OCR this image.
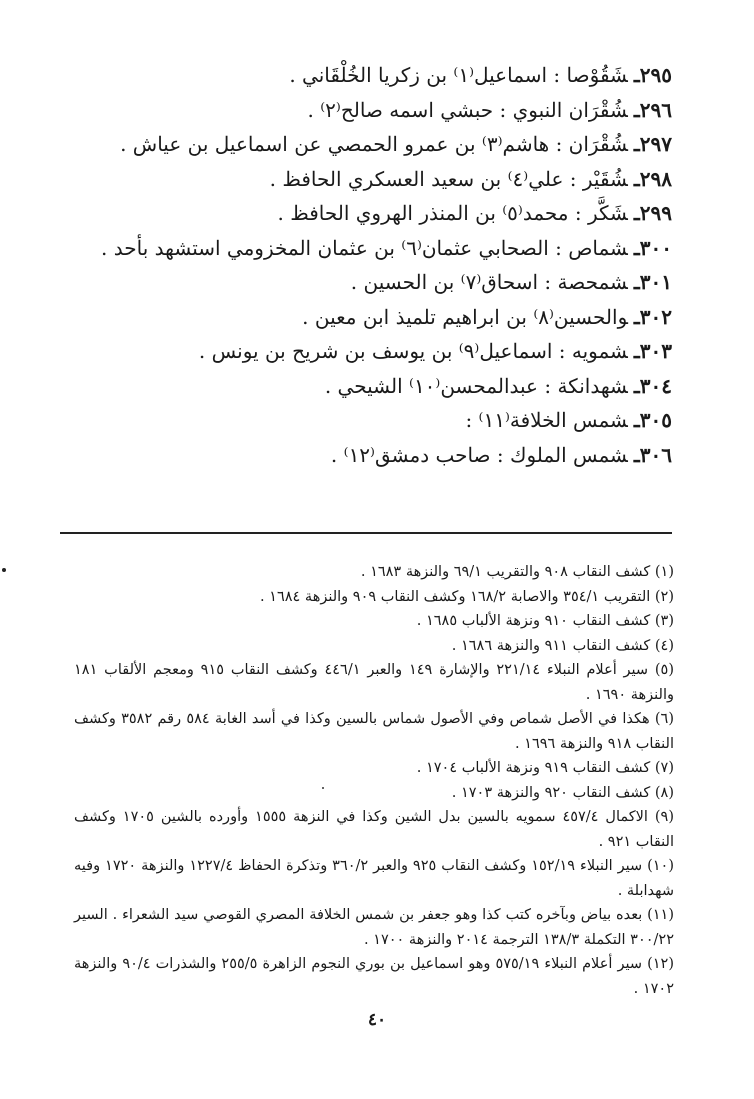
٢٩٥ـشَقُوْصا : اسماعيل⁽١⁾ بن زكريا الخُلْقَاني .
٢٩٦ـشُقْرَان النبوي : حبشي اسمه صالح⁽٢⁾ .
٢٩٧ـشُقْرَان : هاشم⁽٣⁾ بن عمرو الحمصي عن اسماعيل بن عياش .
٢٩٨ـشُقَيْر : علي⁽٤⁾ بن سعيد العسكري الحافظ .
٢٩٩ـشَكَّر : محمد⁽٥⁾ بن المنذر الهروي الحافظ .
٣٠٠ـشماص : الصحابي عثمان⁽٦⁾ بن عثمان المخزومي استشهد بأحد .
٣٠١ـشمحصة : اسحاق⁽٧⁾ بن الحسين .
٣٠٢ـوالحسين⁽٨⁾ بن ابراهيم تلميذ ابن معين .
٣٠٣ـشمويه : اسماعيل⁽٩⁾ بن يوسف بن شريح بن يونس .
٣٠٤ـشهدانكة : عبدالمحسن⁽١٠⁾ الشيحي .
٣٠٥ـشمس الخلافة⁽١١⁾ :
٣٠٦ـشمس الملوك : صاحب دمشق⁽١٢⁾ .

(١) كشف النقاب ٩٠٨ والتقريب ٦٩/١ والنزهة ١٦٨٣ .

(٢) التقريب ٣٥٤/١ والاصابة ١٦٨/٢ وكشف النقاب ٩٠٩ والنزهة ١٦٨٤ .

(٣) كشف النقاب ٩١٠ ونزهة الألباب ١٦٨٥ .

(٤) كشف النقاب ٩١١ والنزهة ١٦٨٦ .

(٥) سير أعلام النبلاء ٢٢١/١٤ والإشارة ١٤٩ والعبر ٤٤٦/١ وكشف النقاب ٩١٥ ومعجم الألقاب ١٨١ والنزهة ١٦٩٠ .

(٦) هكذا في الأصل شماص وفي الأصول شماس بالسين وكذا في أسد الغابة ٥٨٤ رقم ٣٥٨٢ وكشف النقاب ٩١٨ والنزهة ١٦٩٦ .

(٧) كشف النقاب ٩١٩ ونزهة الألباب ١٧٠٤ .

(٨) كشف النقاب ٩٢٠ والنزهة ١٧٠٣ .

(٩) الاكمال ٤٥٧/٤ سمويه بالسين بدل الشين وكذا في النزهة ١٥٥٥ وأورده بالشين ١٧٠٥ وكشف النقاب ٩٢١ .

(١٠) سير النبلاء ١٥٢/١٩ وكشف النقاب ٩٢٥ والعبر ٣٦٠/٢ وتذكرة الحفاظ ١٢٢٧/٤ والنزهة ١٧٢٠ وفيه شهدابلة .

(١١) بعده بياض وبآخره كتب كذا وهو جعفر بن شمس الخلافة المصري القوصي سيد الشعراء . السير ٣٠٠/٢٢ التكملة ١٣٨/٣ الترجمة ٢٠١٤ والنزهة ١٧٠٠ .

(١٢) سير أعلام النبلاء ٥٧٥/١٩ وهو اسماعيل بن بوري النجوم الزاهرة ٢٥٥/٥ والشذرات ٩٠/٤ والنزهة ١٧٠٢ .

٤٠
